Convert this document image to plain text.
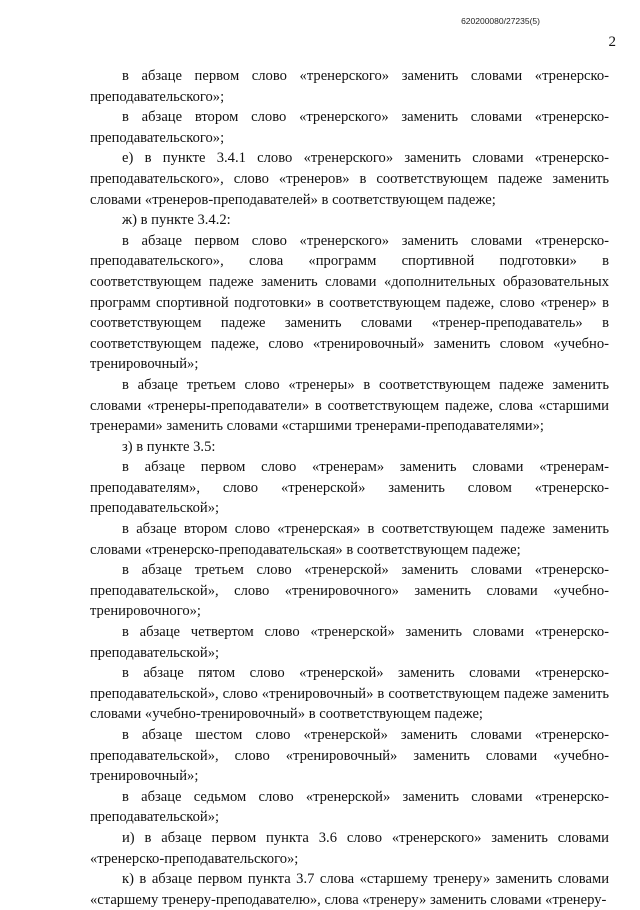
620200080/27235(5)
2

в абзаце первом слово «тренерского» заменить словами «тренерско-преподавательского»;

в абзаце втором слово «тренерского» заменить словами «тренерско-преподавательского»;

е) в пункте 3.4.1 слово «тренерского» заменить словами «тренерско-преподавательского», слово «тренеров» в соответствующем падеже заменить словами «тренеров-преподавателей» в соответствующем падеже;

ж) в пункте 3.4.2:

в абзаце первом слово «тренерского» заменить словами «тренерско-преподавательского», слова «программ спортивной подготовки» в соответствующем падеже заменить словами «дополнительных образовательных программ спортивной подготовки» в соответствующем падеже, слово «тренер» в соответствующем падеже заменить словами «тренер-преподаватель» в соответствующем падеже, слово «тренировочный» заменить словом «учебно-тренировочный»;

в абзаце третьем слово «тренеры» в соответствующем падеже заменить словами «тренеры-преподаватели» в соответствующем падеже, слова «старшими тренерами» заменить словами «старшими тренерами-преподавателями»;

з) в пункте 3.5:

в абзаце первом слово «тренерам» заменить словами «тренерам-преподавателям», слово «тренерской» заменить словом «тренерско-преподавательской»;

в абзаце втором слово «тренерская» в соответствующем падеже заменить словами «тренерско-преподавательская» в соответствующем падеже;

в абзаце третьем слово «тренерской» заменить словами «тренерско-преподавательской», слово «тренировочного» заменить словами «учебно-тренировочного»;

в абзаце четвертом слово «тренерской» заменить словами «тренерско-преподавательской»;

в абзаце пятом слово «тренерской» заменить словами «тренерско-преподавательской», слово «тренировочный» в соответствующем падеже заменить словами «учебно-тренировочный» в соответствующем падеже;

в абзаце шестом слово «тренерской» заменить словами «тренерско-преподавательской», слово «тренировочный» заменить словами «учебно-тренировочный»;

в абзаце седьмом слово «тренерской» заменить словами «тренерско-преподавательской»;

и) в абзаце первом пункта 3.6 слово «тренерского» заменить словами «тренерско-преподавательского»;

к) в абзаце первом пункта 3.7 слова «старшему тренеру» заменить словами «старшему тренеру-преподавателю», слова «тренеру» заменить словами «тренеру-
